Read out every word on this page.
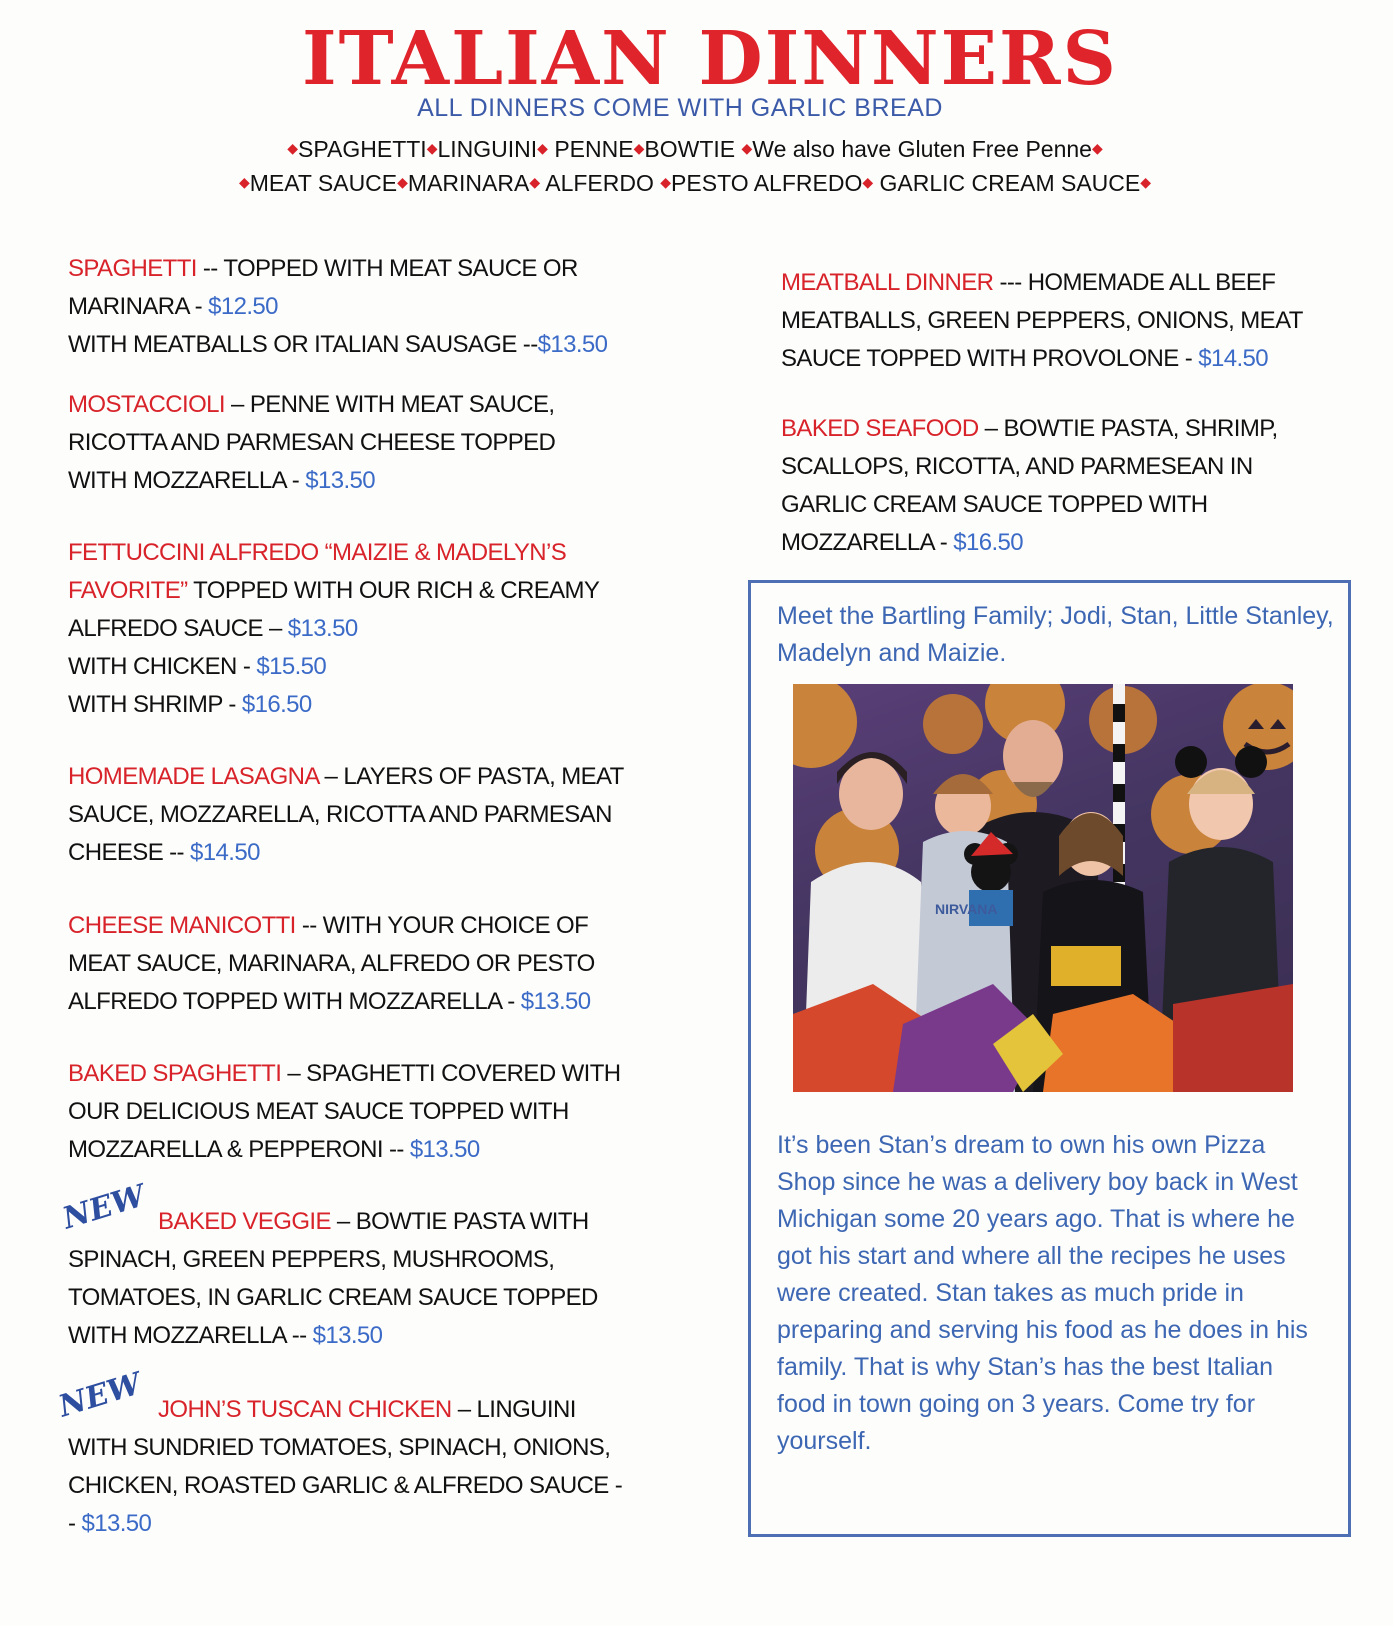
ITALIAN DINNERS
ALL DINNERS COME WITH GARLIC BREAD
◆SPAGHETTI◆LINGUINI◆ PENNE◆BOWTIE ◆We also have Gluten Free Penne◆
◆MEAT SAUCE◆MARINARA◆ ALFERDO ◆PESTO ALFREDO◆ GARLIC CREAM SAUCE◆
SPAGHETTI -- TOPPED WITH MEAT SAUCE OR MARINARA - $12.50
WITH MEATBALLS OR ITALIAN SAUSAGE --$13.50
MOSTACCIOLI – PENNE WITH MEAT SAUCE, RICOTTA AND PARMESAN CHEESE TOPPED WITH MOZZARELLA - $13.50
FETTUCCINI ALFREDO “MAIZIE & MADELYN’S FAVORITE” TOPPED WITH OUR RICH & CREAMY ALFREDO SAUCE – $13.50
WITH CHICKEN - $15.50
WITH SHRIMP - $16.50
HOMEMADE LASAGNA – LAYERS OF PASTA, MEAT SAUCE, MOZZARELLA, RICOTTA AND PARMESAN CHEESE -- $14.50
CHEESE MANICOTTI -- WITH YOUR CHOICE OF MEAT SAUCE, MARINARA, ALFREDO OR PESTO ALFREDO TOPPED WITH MOZZARELLA - $13.50
BAKED SPAGHETTI – SPAGHETTI COVERED WITH OUR DELICIOUS MEAT SAUCE TOPPED WITH MOZZARELLA & PEPPERONI -- $13.50
NEW BAKED VEGGIE – BOWTIE PASTA WITH SPINACH, GREEN PEPPERS, MUSHROOMS, TOMATOES, IN GARLIC CREAM SAUCE TOPPED WITH MOZZARELLA -- $13.50
NEW JOHN’S TUSCAN CHICKEN – LINGUINI WITH SUNDRIED TOMATOES, SPINACH, ONIONS, CHICKEN, ROASTED GARLIC & ALFREDO SAUCE -- $13.50
MEATBALL DINNER --- HOMEMADE ALL BEEF MEATBALLS, GREEN PEPPERS, ONIONS, MEAT SAUCE TOPPED WITH PROVOLONE - $14.50
BAKED SEAFOOD – BOWTIE PASTA, SHRIMP, SCALLOPS, RICOTTA, AND PARMESEAN IN GARLIC CREAM SAUCE TOPPED WITH MOZZARELLA - $16.50
Meet the Bartling Family; Jodi, Stan, Little Stanley, Madelyn and Maizie.
NIRVANA
It’s been Stan’s dream to own his own Pizza Shop since he was a delivery boy back in West Michigan some 20 years ago. That is where he got his start and where all the recipes he uses were created. Stan takes as much pride in preparing and serving his food as he does in his family. That is why Stan’s has the best Italian food in town going on 3 years. Come try for yourself.
